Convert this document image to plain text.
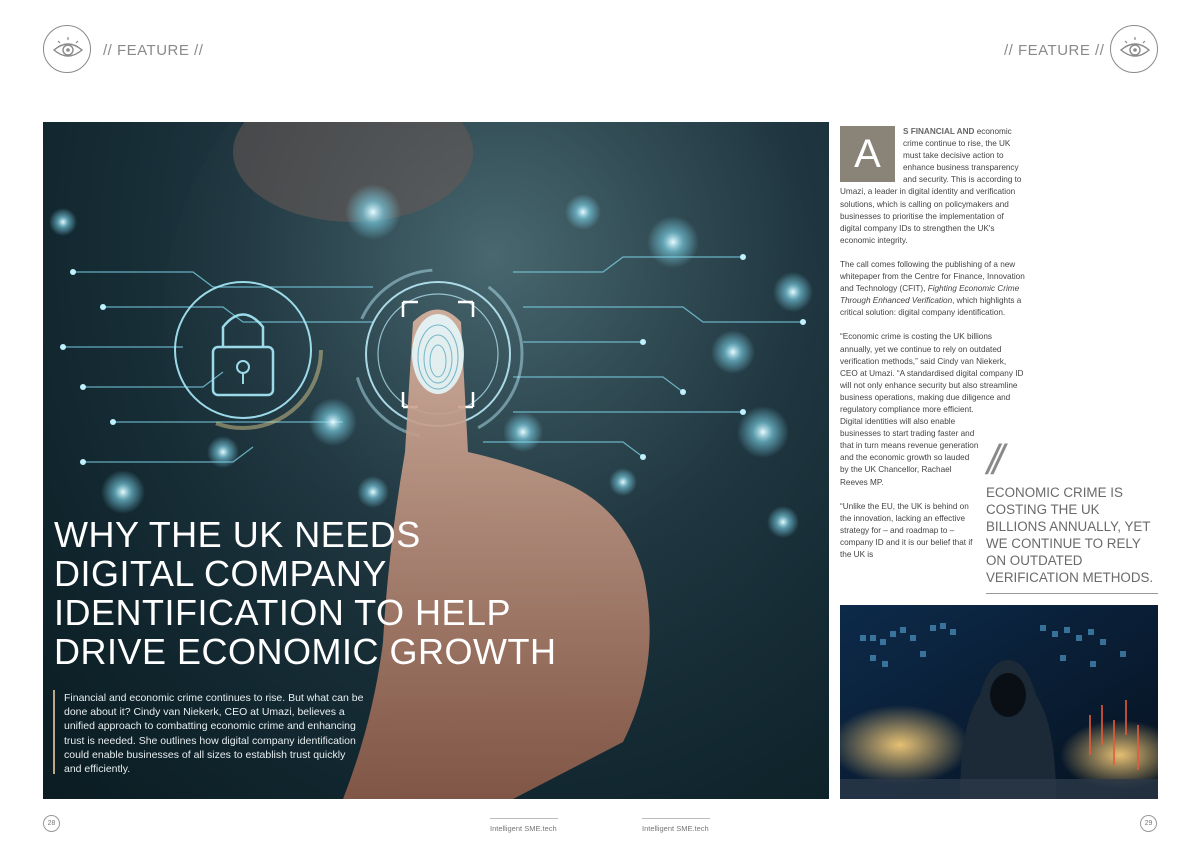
// FEATURE //	// FEATURE //
WHY THE UK NEEDS
DIGITAL COMPANY
IDENTIFICATION TO HELP
DRIVE ECONOMIC GROWTH

Financial and economic crime continues to rise. But what can be done about it? Cindy van Niekerk, CEO at Umazi, believes a unified approach to combatting economic crime and enhancing trust is needed. She outlines how digital company identification could enable businesses of all sizes to establish trust quickly and efficiently.

A
S FINANCIAL AND economic crime continue to rise, the UK must take decisive action to enhance business transparency and security. This is according to Umazi, a leader in digital identity and verification solutions, which is calling on policymakers and businesses to prioritise the implementation of digital company IDs to strengthen the UK's economic integrity.

The call comes following the publishing of a new whitepaper from the Centre for Finance, Innovation and Technology (CFIT), Fighting Economic Crime Through Enhanced Verification, which highlights a critical solution: digital company identification.

“Economic crime is costing the UK billions annually, yet we continue to rely on outdated verification methods,” said Cindy van Niekerk, CEO at Umazi. “A standardised digital company ID will not only enhance security but also streamline business operations, making due diligence and regulatory compliance more efficient.

Digital identities will also enable businesses to start trading faster and that in turn means revenue generation and the economic growth so lauded by the UK Chancellor, Rachael Reeves MP.

“Unlike the EU, the UK is behind on the innovation, lacking an effective strategy for – and roadmap to – company ID and it is our belief that if the UK is

//
ECONOMIC CRIME IS COSTING THE UK BILLIONS ANNUALLY, YET WE CONTINUE TO RELY ON OUTDATED VERIFICATION METHODS.
28
Intelligent SME.tech	Intelligent SME.tech
29
